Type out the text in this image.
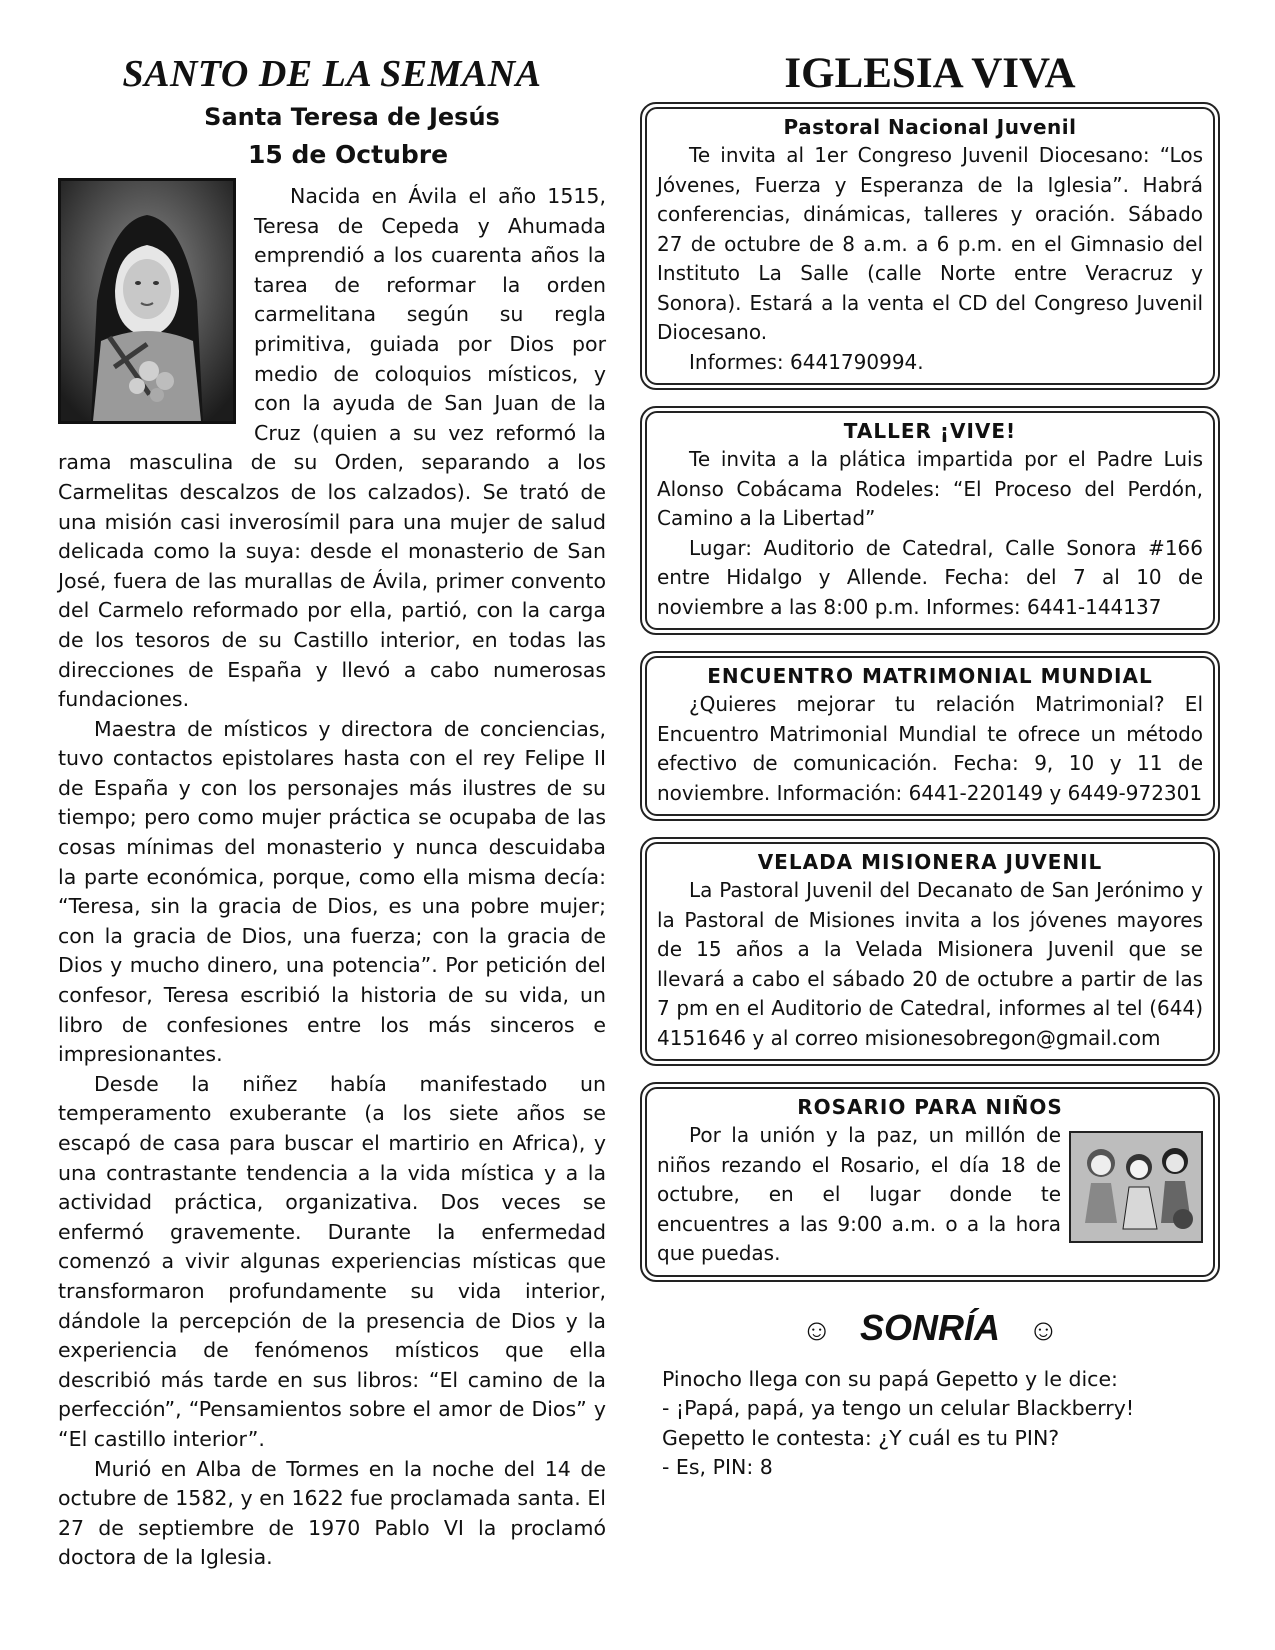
SANTO DE LA SEMANA
Santa Teresa de Jesús
15 de Octubre

Nacida en Ávila el año 1515, Teresa de Cepeda y Ahumada emprendió a los cuarenta años la tarea de reformar la orden carmelitana según su regla primitiva, guiada por Dios por medio de coloquios místicos, y con la ayuda de San Juan de la Cruz (quien a su vez reformó la rama masculina de su Orden, separando a los Carmelitas descalzos de los calzados). Se trató de una misión casi inverosímil para una mujer de salud delicada como la suya: desde el monasterio de San José, fuera de las murallas de Ávila, primer convento del Carmelo reformado por ella, partió, con la carga de los tesoros de su Castillo interior, en todas las direcciones de España y llevó a cabo numerosas fundaciones.

Maestra de místicos y directora de conciencias, tuvo contactos epistolares hasta con el rey Felipe II de España y con los personajes más ilustres de su tiempo; pero como mujer práctica se ocupaba de las cosas mínimas del monasterio y nunca descuidaba la parte económica, porque, como ella misma decía: “Teresa, sin la gracia de Dios, es una pobre mujer; con la gracia de Dios, una fuerza; con la gracia de Dios y mucho dinero, una potencia”. Por petición del confesor, Teresa escribió la historia de su vida, un libro de confesiones entre los más sinceros e impresionantes.

Desde la niñez había manifestado un temperamento exuberante (a los siete años se escapó de casa para buscar el martirio en Africa), y una contrastante tendencia a la vida mística y a la actividad práctica, organizativa. Dos veces se enfermó gravemente. Durante la enfermedad comenzó a vivir algunas experiencias místicas que transformaron profundamente su vida interior, dándole la percepción de la presencia de Dios y la experiencia de fenómenos místicos que ella describió más tarde en sus libros: “El camino de la perfección”, “Pensamientos sobre el amor de Dios” y “El castillo interior”.

Murió en Alba de Tormes en la noche del 14 de octubre de 1582, y en 1622 fue proclamada santa. El 27 de septiembre de 1970 Pablo VI la proclamó doctora de la Iglesia.

IGLESIA VIVA
Pastoral Nacional Juvenil

Te invita al 1er Congreso Juvenil Diocesano: “Los Jóvenes, Fuerza y Esperanza de la Iglesia”. Habrá conferencias, dinámicas, talleres y oración. Sábado 27 de octubre de 8 a.m. a 6 p.m. en el Gimnasio del Instituto La Salle (calle Norte entre Veracruz y Sonora). Estará a la venta el CD del Congreso Juvenil Diocesano.

Informes: 6441790994.

TALLER ¡VIVE!

Te invita a la plática impartida por el Padre Luis Alonso Cobácama Rodeles: “El Proceso del Perdón, Camino a la Libertad”

Lugar: Auditorio de Catedral, Calle Sonora #166 entre Hidalgo y Allende. Fecha: del 7 al 10 de noviembre a las 8:00 p.m. Informes: 6441-144137

ENCUENTRO MATRIMONIAL MUNDIAL

¿Quieres mejorar tu relación Matrimonial? El Encuentro Matrimonial Mundial te ofrece un método efectivo de comunicación. Fecha: 9, 10 y 11 de noviembre. Información: 6441-220149 y 6449-972301

VELADA MISIONERA JUVENIL

La Pastoral Juvenil del Decanato de San Jerónimo y la Pastoral de Misiones invita a los jóvenes mayores de 15 años a la Velada Misionera Juvenil que se llevará a cabo el sábado 20 de octubre a partir de las 7 pm en el Auditorio de Catedral, informes al tel (644) 4151646 y al correo misionesobregon@gmail.com

ROSARIO PARA NIÑOS

Por la unión y la paz, un millón de niños rezando el Rosario, el día 18 de octubre, en el lugar donde te encuentres a las 9:00 a.m. o a la hora que puedas.

☺ SONRÍA ☺

Pinocho llega con su papá Gepetto y le dice:

- ¡Papá, papá, ya tengo un celular Blackberry!

Gepetto le contesta: ¿Y cuál es tu PIN?

- Es, PIN: 8
